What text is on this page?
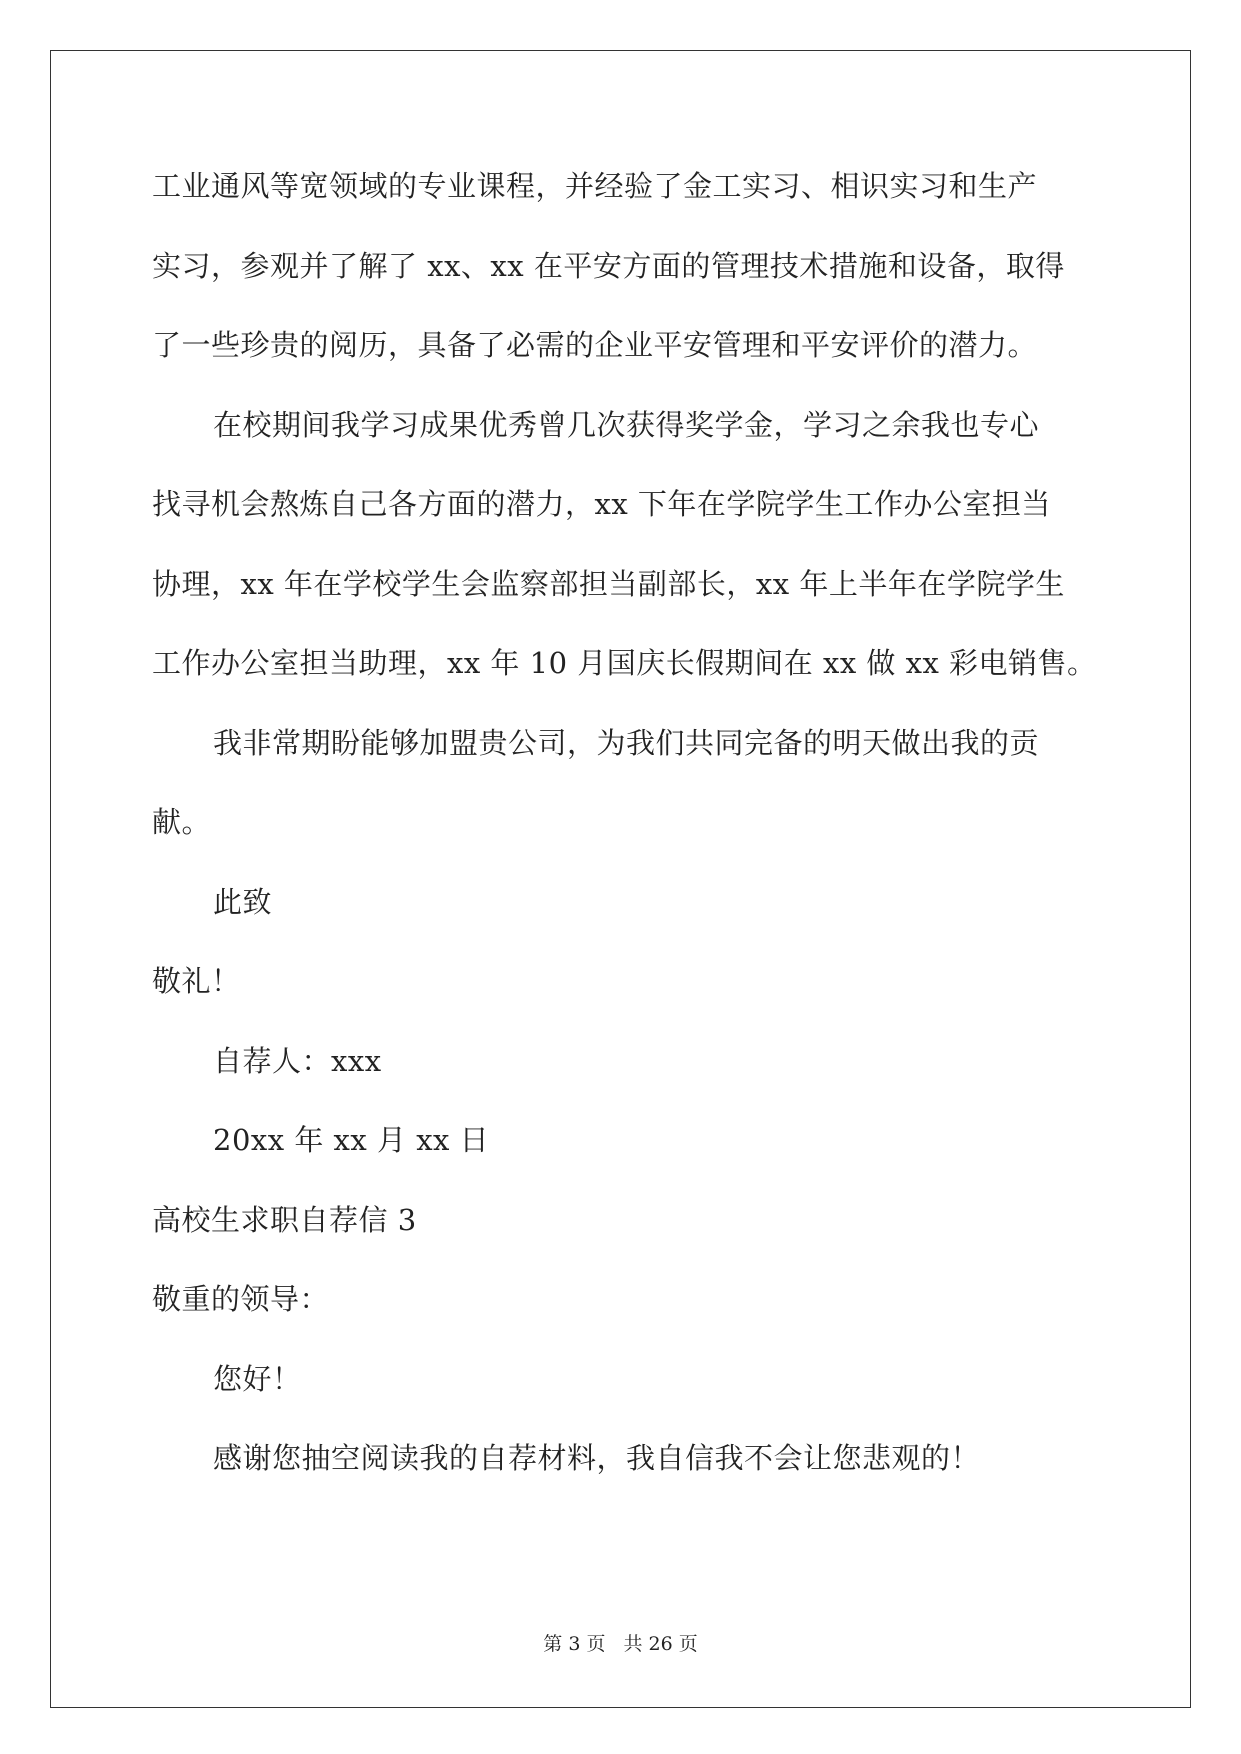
工业通风等宽领域的专业课程，并经验了金工实习、相识实习和生产
实习，参观并了解了 xx、xx 在平安方面的管理技术措施和设备，取得
了一些珍贵的阅历，具备了必需的企业平安管理和平安评价的潜力。
在校期间我学习成果优秀曾几次获得奖学金，学习之余我也专心
找寻机会熬炼自己各方面的潜力，xx 下年在学院学生工作办公室担当
协理，xx 年在学校学生会监察部担当副部长，xx 年上半年在学院学生
工作办公室担当助理，xx 年 10 月国庆长假期间在 xx 做 xx 彩电销售。
我非常期盼能够加盟贵公司，为我们共同完备的明天做出我的贡
献。
此致
敬礼！
自荐人：xxx
20xx 年 xx 月 xx 日
高校生求职自荐信 3
敬重的领导：
您好！
感谢您抽空阅读我的自荐材料，我自信我不会让您悲观的！
第 3 页 共 26 页
